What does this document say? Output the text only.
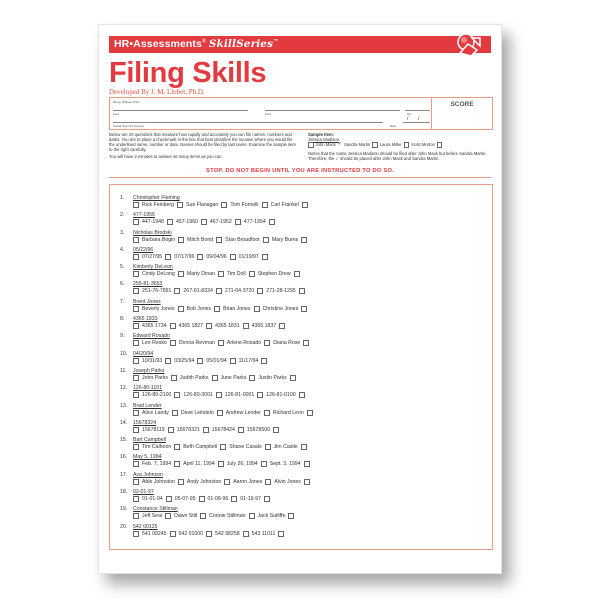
HR•Assessments® SkillSeries™
Filing Skills
Developed By J. M. Llobet, Ph.D.
Name (Please Print)
Last	First	M.I.
/ /
Social Security Number	Date
SCORE

Below are 20 questions that measure how rapidly and accurately you can file names, numbers and dates. You are to place a checkmark in the box that best identifies the location where you would file the underlined name, number or date. Names should be filed by last name. Examine the sample item to the right carefully.

You will have 2 minutes to answer as many items as you can.

Sample Item:
Jessica Madison
John Mack ✓ Sandra Martin Laura Miller Scott Morton
Notice that the name Jessica Madison should be filed after John Mack but before Sandra Martin. Therefore, the ✓ should be placed after John Mack and Sandra Martin.
STOP. DO NOT BEGIN UNTIL YOU ARE INSTRUCTED TO DO SO.
1.	Christopher Fleming
Rick Feinberg Sue Flanagan Tom Fornelli Carl Frankel
2.	477-1956
447-1948 457-1960 467-1952 477-1954
3.	Nicholas Brodski
Barbara Bogin Mitch Bond Stan Broadfoot Mary Burns
4.	05/22/96
07/27/95 07/17/96 09/04/96 01/19/97
5.	Kimberly DeLeon
Cindy DeLong Marty Dinan Tim Doll Stephen Drew
6.	255-81-3653
251-76-7891 267-91-8324 271-04-3720 271-28-1295
7.	Brent Jones
Beverly Jones Bob Jones Brian Jones Christine Jones
8.	4365 1833
4365 1734 4365 1827 4365 1831 4365 1837
9.	Edward Rosado
Leo Resko Donna Revman Arlene Rosado Diana Rose
10.	04/20/94
10/31/93 03/25/94 05/01/94 11/17/94
11.	Joseph Parks
John Parks Judith Parks June Parks Justin Parks
12.	126-80-1101
126-80-2100 126-80-3001 126-81-0001 126-81-0100
13.	Brad Lender
Alice Landy Dave Leitstein Andrew Lender Richard Leon
14.	15678324
15678119 15678321 15678424 15678500
15.	Bart Campbell
Tim Calhoon Beth Campbell Shane Casals Jim Castle
16.	May 5, 1994
Feb. 7, 1994 April 11, 1994 July 26, 1994 Sept. 3, 1994
17.	Ava Johnson
Able Johnston Andy Johnston Aaron Jones Alvin Jones
18.	02-01-97
01-01-94 05-07-95 01-08-96 01-19-97
19.	Constance Stillman
Jeff Seal Dawn Still Connie Stillman Jack Sutliffe
20.	542 00125
541 00245 542 01000 542 98258 543 11011
